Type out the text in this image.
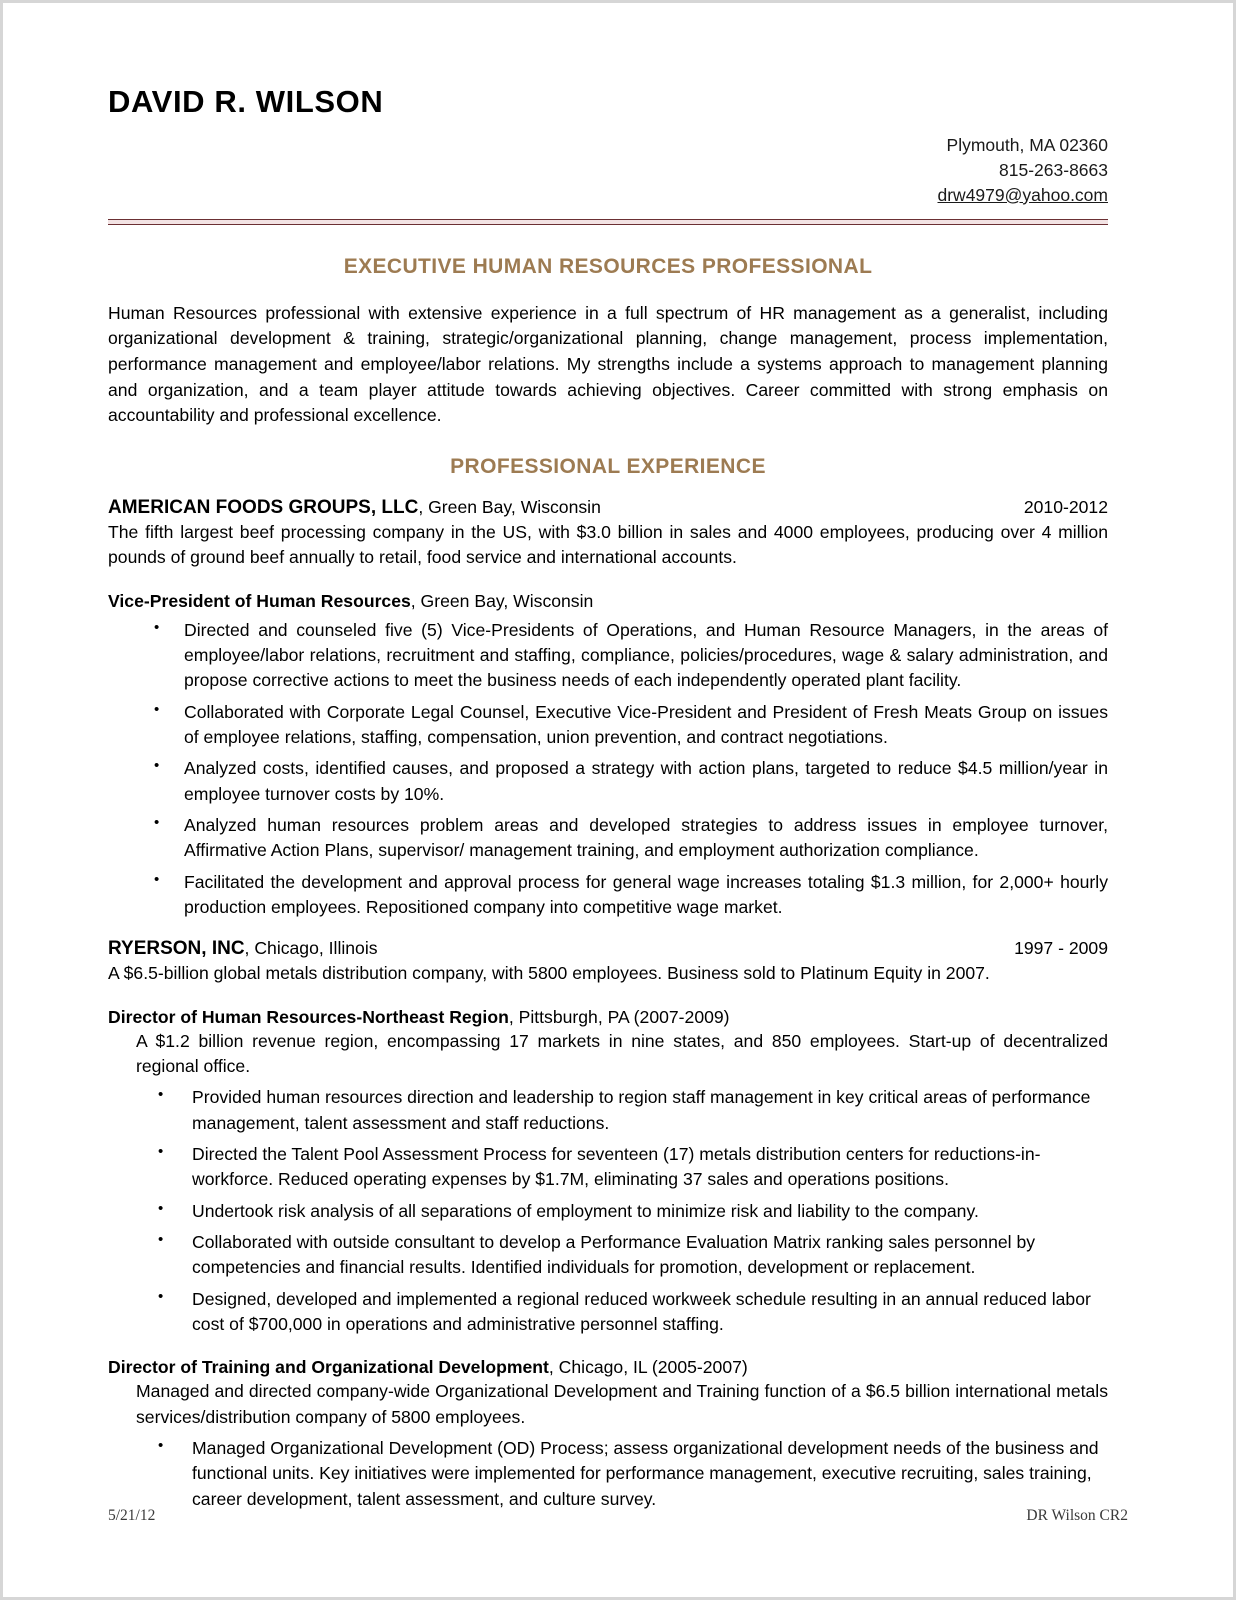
DAVID R. WILSON
Plymouth, MA 02360
815-263-8663
drw4979@yahoo.com
EXECUTIVE HUMAN RESOURCES PROFESSIONAL
Human Resources professional with extensive experience in a full spectrum of HR management as a generalist, including organizational development & training, strategic/organizational planning, change management, process implementation, performance management and employee/labor relations. My strengths include a systems approach to management planning and organization, and a team player attitude towards achieving objectives. Career committed with strong emphasis on accountability and professional excellence.
PROFESSIONAL EXPERIENCE
AMERICAN FOODS GROUPS, LLC, Green Bay, Wisconsin	2010-2012
The fifth largest beef processing company in the US, with $3.0 billion in sales and 4000 employees, producing over 4 million pounds of ground beef annually to retail, food service and international accounts.
Vice-President of Human Resources, Green Bay, Wisconsin
• Directed and counseled five (5) Vice-Presidents of Operations, and Human Resource Managers, in the areas of employee/labor relations, recruitment and staffing, compliance, policies/procedures, wage & salary administration, and propose corrective actions to meet the business needs of each independently operated plant facility.
• Collaborated with Corporate Legal Counsel, Executive Vice-President and President of Fresh Meats Group on issues of employee relations, staffing, compensation, union prevention, and contract negotiations.
• Analyzed costs, identified causes, and proposed a strategy with action plans, targeted to reduce $4.5 million/year in employee turnover costs by 10%.
• Analyzed human resources problem areas and developed strategies to address issues in employee turnover, Affirmative Action Plans, supervisor/ management training, and employment authorization compliance.
• Facilitated the development and approval process for general wage increases totaling $1.3 million, for 2,000+ hourly production employees. Repositioned company into competitive wage market.
RYERSON, INC, Chicago, Illinois	1997 - 2009
A $6.5-billion global metals distribution company, with 5800 employees. Business sold to Platinum Equity in 2007.
Director of Human Resources-Northeast Region, Pittsburgh, PA (2007-2009)
A $1.2 billion revenue region, encompassing 17 markets in nine states, and 850 employees. Start-up of decentralized regional office.
• Provided human resources direction and leadership to region staff management in key critical areas of performance management, talent assessment and staff reductions.
• Directed the Talent Pool Assessment Process for seventeen (17) metals distribution centers for reductions-in-workforce. Reduced operating expenses by $1.7M, eliminating 37 sales and operations positions.
• Undertook risk analysis of all separations of employment to minimize risk and liability to the company.
• Collaborated with outside consultant to develop a Performance Evaluation Matrix ranking sales personnel by competencies and financial results. Identified individuals for promotion, development or replacement.
• Designed, developed and implemented a regional reduced workweek schedule resulting in an annual reduced labor cost of $700,000 in operations and administrative personnel staffing.
Director of Training and Organizational Development, Chicago, IL (2005-2007)
Managed and directed company-wide Organizational Development and Training function of a $6.5 billion international metals services/distribution company of 5800 employees.
• Managed Organizational Development (OD) Process; assess organizational development needs of the business and functional units. Key initiatives were implemented for performance management, executive recruiting, sales training, career development, talent assessment, and culture survey.
5/21/12	DR Wilson CR2
